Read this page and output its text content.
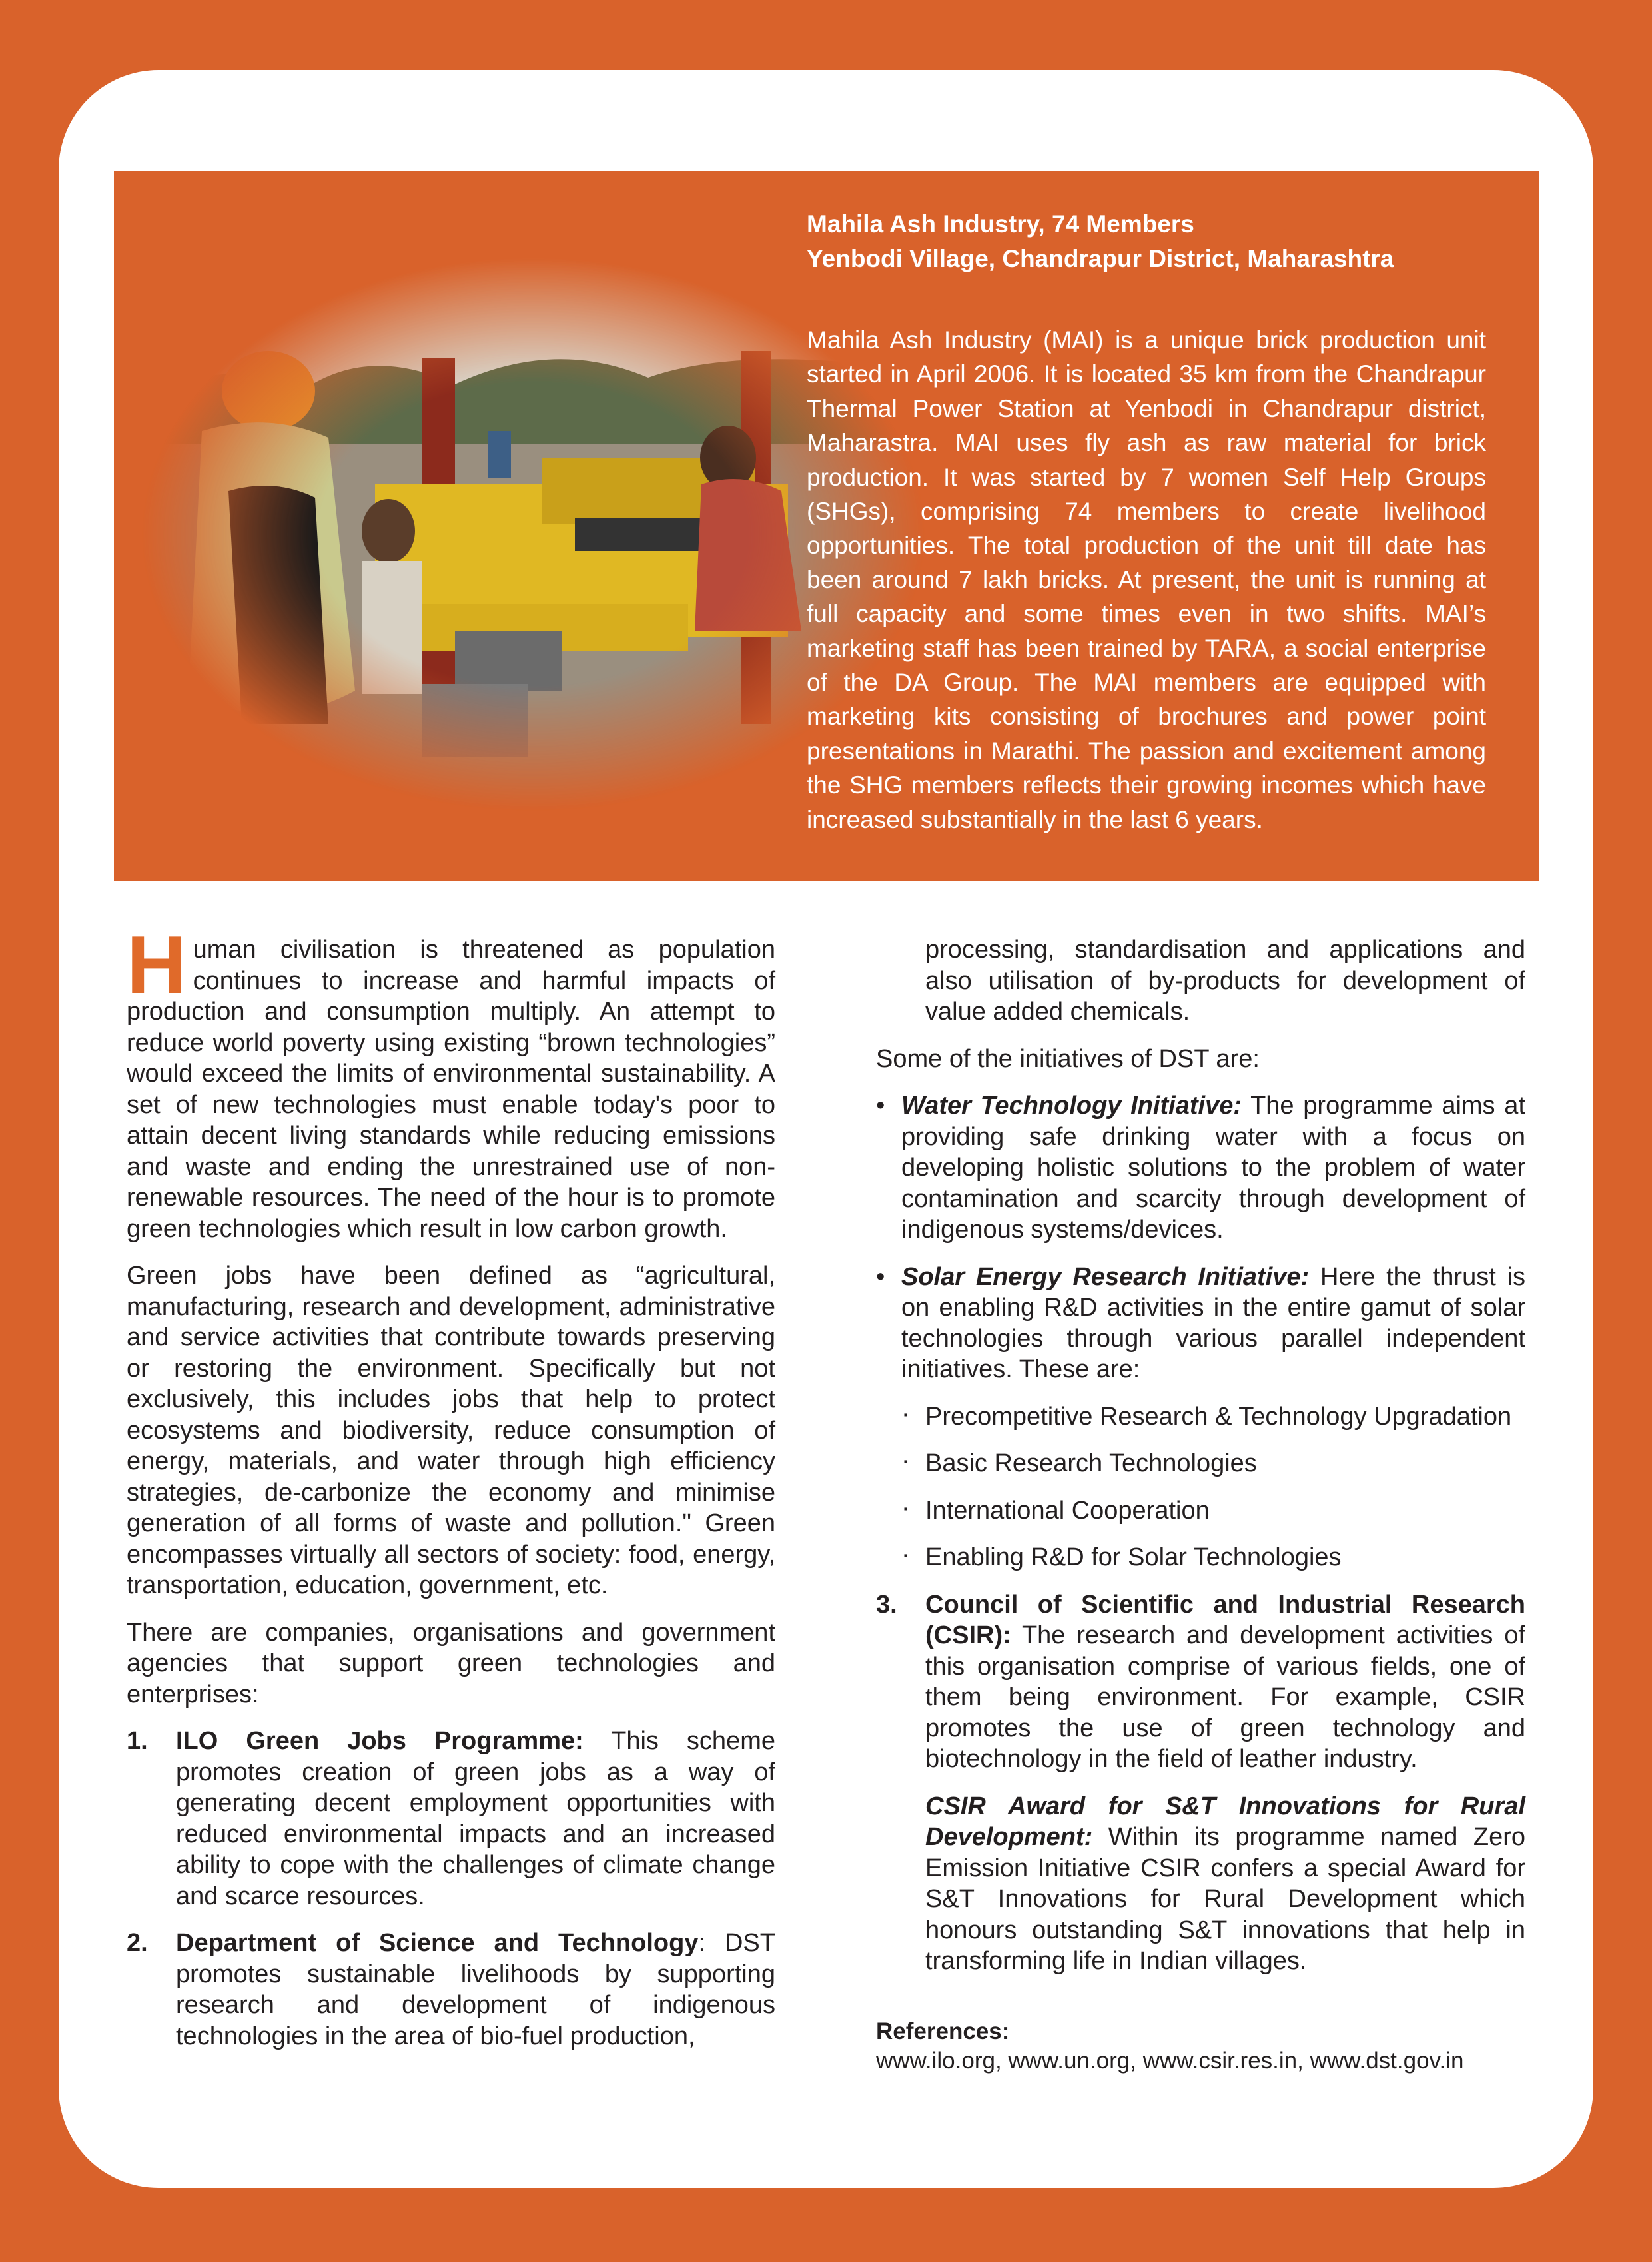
Mahila Ash Industry, 74 Members
Yenbodi Village, Chandrapur District, Maharashtra
Mahila Ash Industry (MAI) is a unique brick production unit started in April 2006. It is located 35 km from the Chandrapur Thermal Power Station at Yenbodi in Chandrapur district, Maharastra. MAI uses fly ash as raw material for brick production. It was started by 7 women Self Help Groups (SHGs), comprising 74 members to create livelihood opportunities. The total production of the unit till date has been around 7 lakh bricks. At present, the unit is running at full capacity and some times even in two shifts. MAI’s marketing staff has been trained by TARA, a social enterprise of the DA Group. The MAI members are equipped with marketing kits consisting of brochures and power point presentations in Marathi. The passion and excitement among the SHG members reflects their growing incomes which have increased substantially in the last 6 years.

Human civilisation is threatened as population continues to increase and harmful impacts of production and consumption multiply. An attempt to reduce world poverty using existing “brown technologies” would exceed the limits of environmental sustainability. A set of new technologies must enable today's poor to attain decent living standards while reducing emissions and waste and ending the unrestrained use of non-renewable resources. The need of the hour is to promote green technologies which result in low carbon growth.

Green jobs have been defined as “agricultural, manufacturing, research and development, administrative and service activities that contribute towards preserving or restoring the environment. Specifically but not exclusively, this includes jobs that help to protect ecosystems and biodiversity, reduce consumption of energy, materials, and water through high efficiency strategies, de-carbonize the economy and minimise generation of all forms of waste and pollution." Green encompasses virtually all sectors of society: food, energy, transportation, education, government, etc.

There are companies, organisations and government agencies that support green technologies and enterprises:

1. ILO Green Jobs Programme: This scheme promotes creation of green jobs as a way of generating decent employment opportunities with reduced environmental impacts and an increased ability to cope with the challenges of climate change and scarce resources.
2. Department of Science and Technology: DST promotes sustainable livelihoods by supporting research and development of indigenous technologies in the area of bio-fuel production,
processing, standardisation and applications and also utilisation of by-products for development of value added chemicals.

Some of the initiatives of DST are:

• Water Technology Initiative: The programme aims at providing safe drinking water with a focus on developing holistic solutions to the problem of water contamination and scarcity through development of indigenous systems/devices.
• Solar Energy Research Initiative: Here the thrust is on enabling R&D activities in the entire gamut of solar technologies through various parallel independent initiatives. These are:
· Precompetitive Research & Technology Upgradation
· Basic Research Technologies
· International Cooperation
· Enabling R&D for Solar Technologies
3. Council of Scientific and Industrial Research (CSIR): The research and development activities of this organisation comprise of various fields, one of them being environment. For example, CSIR promotes the use of green technology and biotechnology in the field of leather industry.
CSIR Award for S&T Innovations for Rural Development: Within its programme named Zero Emission Initiative CSIR confers a special Award for S&T Innovations for Rural Development which honours outstanding S&T innovations that help in transforming life in Indian villages.
References:
www.ilo.org, www.un.org, www.csir.res.in, www.dst.gov.in
